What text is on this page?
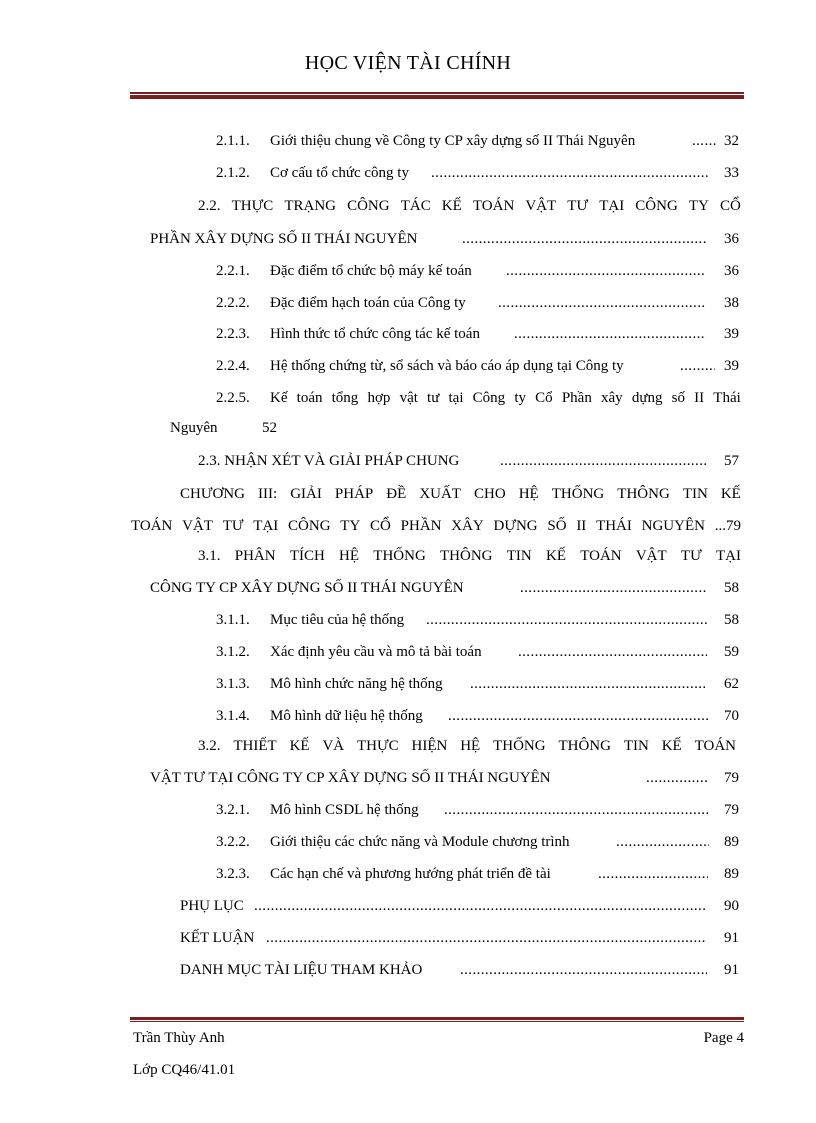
HỌC VIỆN TÀI CHÍNH
2.1.1. Giới thiệu chung về Công ty CP xây dựng số II Thái Nguyên .....	32
2.1.2. Cơ cấu tổ chức công ty .....	33
2.2. THỰC TRẠNG CÔNG TÁC KẾ TOÁN VẬT TƯ TẠI CÔNG TY CỔ
PHẦN XÂY DỰNG SỐ II THÁI NGUYÊN .....	36
2.2.1. Đặc điểm tổ chức bộ máy kế toán .....	36
2.2.2. Đặc điểm hạch toán của Công ty .....	38
2.2.3. Hình thức tổ chức công tác kế toán .....	39
2.2.4. Hệ thống chứng từ, sổ sách và báo cáo áp dụng tại Công ty .....	39
2.2.5. Kế toán tổng hợp vật tư tại Công ty Cổ Phần xây dựng số II Thái
Nguyên	52
2.3. NHẬN XÉT VÀ GIẢI PHÁP CHUNG .....	57
CHƯƠNG III: GIẢI PHÁP ĐỀ XUẤT CHO HỆ THỐNG THÔNG TIN KẾ
TOÁN VẬT TƯ TẠI CÔNG TY CỔ PHẦN XÂY DỰNG SỐ II THÁI NGUYÊN ...79
3.1. PHÂN TÍCH HỆ THỐNG THÔNG TIN KẾ TOÁN VẬT TƯ TẠI
CÔNG TY CP XÂY DỰNG SỐ II THÁI NGUYÊN .....	58
3.1.1. Mục tiêu của hệ thống .....	58
3.1.2. Xác định yêu cầu và mô tả bài toán .....	59
3.1.3. Mô hình chức năng hệ thống .....	62
3.1.4. Mô hình dữ liệu hệ thống .....	70
3.2. THIẾT KẾ VÀ THỰC HIỆN HỆ THỐNG THÔNG TIN KẾ TOÁN
VẬT TƯ TẠI CÔNG TY CP XÂY DỰNG SỐ II THÁI NGUYÊN .....	79
3.2.1. Mô hình CSDL hệ thống .....	79
3.2.2. Giới thiệu các chức năng và Module chương trình .....	89
3.2.3. Các hạn chế và phương hướng phát triển đề tài .....	89
PHỤ LỤC .....	90
KẾT LUẬN .....	91
DANH MỤC TÀI LIỆU THAM KHẢO .....	91
Trần Thùy Anh	Page 4
Lớp CQ46/41.01
